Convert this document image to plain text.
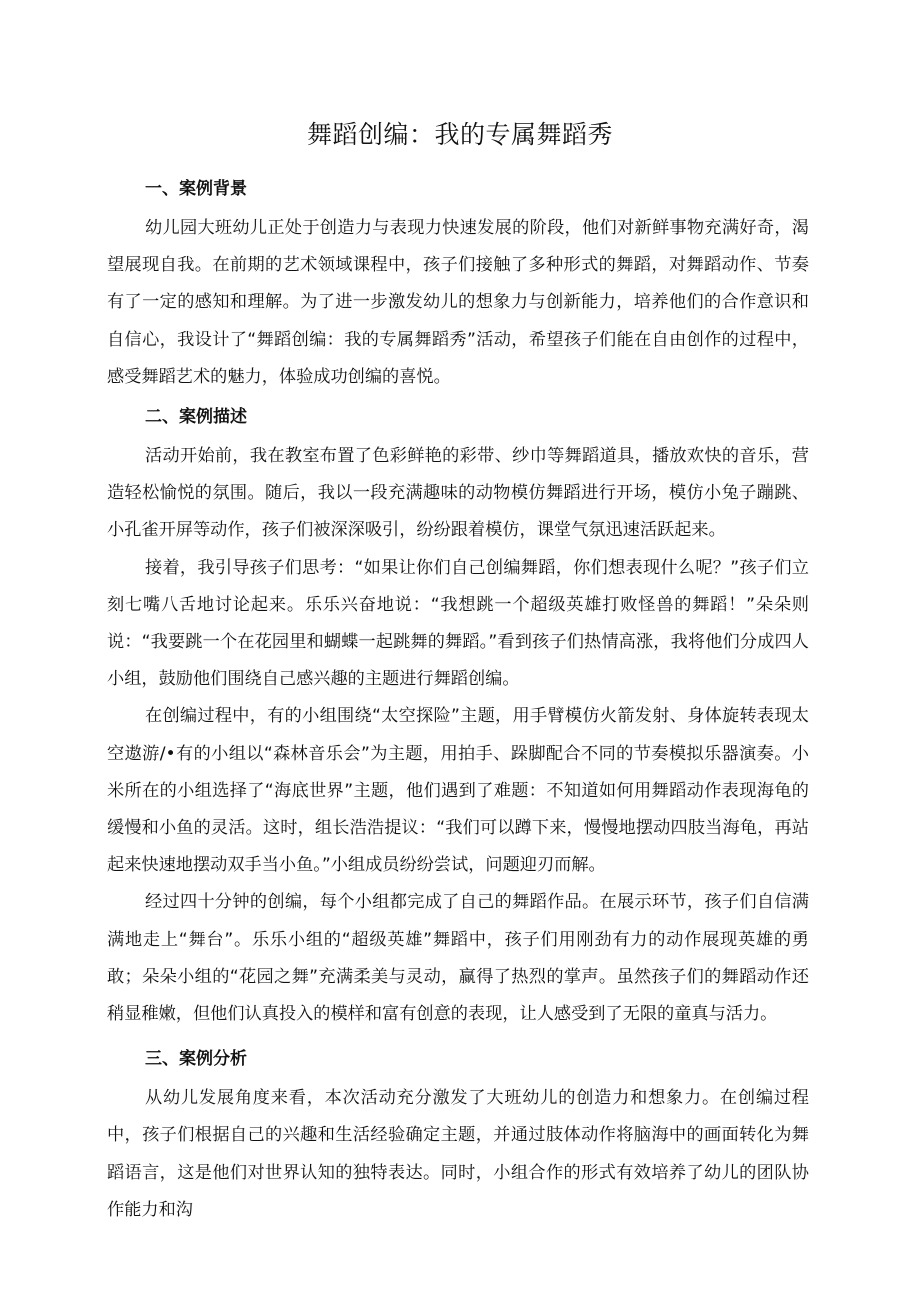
舞蹈创编：我的专属舞蹈秀
一、案例背景

幼儿园大班幼儿正处于创造力与表现力快速发展的阶段，他们对新鲜事物充满好奇，渴望展现自我。在前期的艺术领域课程中，孩子们接触了多种形式的舞蹈，对舞蹈动作、节奏有了一定的感知和理解。为了进一步激发幼儿的想象力与创新能力，培养他们的合作意识和自信心，我设计了“舞蹈创编：我的专属舞蹈秀”活动，希望孩子们能在自由创作的过程中，感受舞蹈艺术的魅力，体验成功创编的喜悦。

二、案例描述

活动开始前，我在教室布置了色彩鲜艳的彩带、纱巾等舞蹈道具，播放欢快的音乐，营造轻松愉悦的氛围。随后，我以一段充满趣味的动物模仿舞蹈进行开场，模仿小兔子蹦跳、小孔雀开屏等动作，孩子们被深深吸引，纷纷跟着模仿，课堂气氛迅速活跃起来。

接着，我引导孩子们思考：“如果让你们自己创编舞蹈，你们想表现什么呢？”孩子们立刻七嘴八舌地讨论起来。乐乐兴奋地说：“我想跳一个超级英雄打败怪兽的舞蹈！”朵朵则说：“我要跳一个在花园里和蝴蝶一起跳舞的舞蹈。”看到孩子们热情高涨，我将他们分成四人小组，鼓励他们围绕自己感兴趣的主题进行舞蹈创编。

在创编过程中，有的小组围绕“太空探险”主题，用手臂模仿火箭发射、身体旋转表现太空遨游/•有的小组以“森林音乐会”为主题，用拍手、跺脚配合不同的节奏模拟乐器演奏。小米所在的小组选择了“海底世界”主题，他们遇到了难题：不知道如何用舞蹈动作表现海龟的缓慢和小鱼的灵活。这时，组长浩浩提议：“我们可以蹲下来，慢慢地摆动四肢当海龟，再站起来快速地摆动双手当小鱼。”小组成员纷纷尝试，问题迎刃而解。

经过四十分钟的创编，每个小组都完成了自己的舞蹈作品。在展示环节，孩子们自信满满地走上“舞台”。乐乐小组的“超级英雄”舞蹈中，孩子们用刚劲有力的动作展现英雄的勇敢；朵朵小组的“花园之舞”充满柔美与灵动，赢得了热烈的掌声。虽然孩子们的舞蹈动作还稍显稚嫩，但他们认真投入的模样和富有创意的表现，让人感受到了无限的童真与活力。

三、案例分析

从幼儿发展角度来看，本次活动充分激发了大班幼儿的创造力和想象力。在创编过程中，孩子们根据自己的兴趣和生活经验确定主题，并通过肢体动作将脑海中的画面转化为舞蹈语言，这是他们对世界认知的独特表达。同时，小组合作的形式有效培养了幼儿的团队协作能力和沟
